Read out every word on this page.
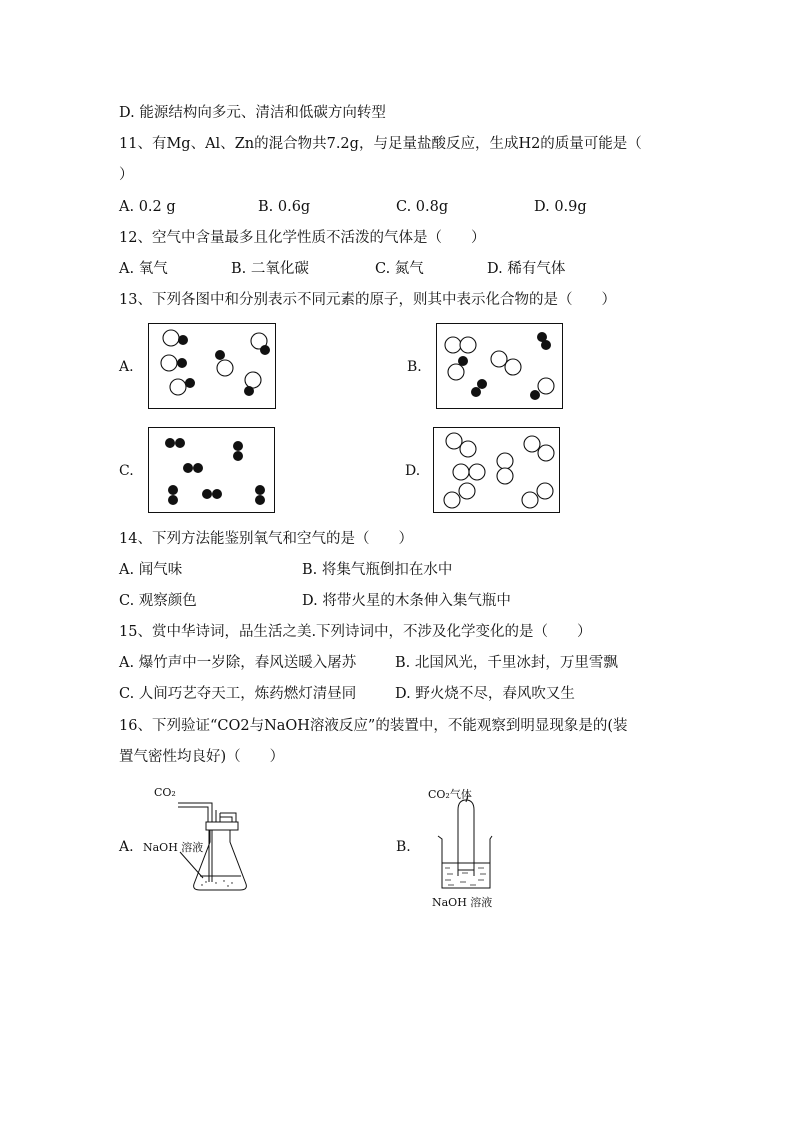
D. 能源结构向多元、清洁和低碳方向转型
11、有Mg、Al、Zn的混合物共7.2g，与足量盐酸反应，生成H2的质量可能是（
）
A. 0.2 g	B. 0.6g	C. 0.8g	D. 0.9g
12、空气中含量最多且化学性质不活泼的气体是（　　）
A. 氧气	B. 二氧化碳	C. 氮气	D. 稀有气体
13、下列各图中和分别表示不同元素的原子，则其中表示化合物的是（　　）
A.	B.
C.	D.
14、下列方法能鉴别氧气和空气的是（　　）
A. 闻气味	B. 将集气瓶倒扣在水中
C. 观察颜色	D. 将带火星的木条伸入集气瓶中
15、赏中华诗词，品生活之美.下列诗词中，不涉及化学变化的是（　　）
A. 爆竹声中一岁除，春风送暖入屠苏	B. 北国风光，千里冰封，万里雪飘
C. 人间巧艺夺天工，炼药燃灯清昼同	D. 野火烧不尽，春风吹又生
16、下列验证“CO2与NaOH溶液反应”的装置中，不能观察到明显现象是的(装
置气密性均良好)（　　）
A.
CO₂
NaOH 溶液	B.
CO₂气体
NaOH 溶液
